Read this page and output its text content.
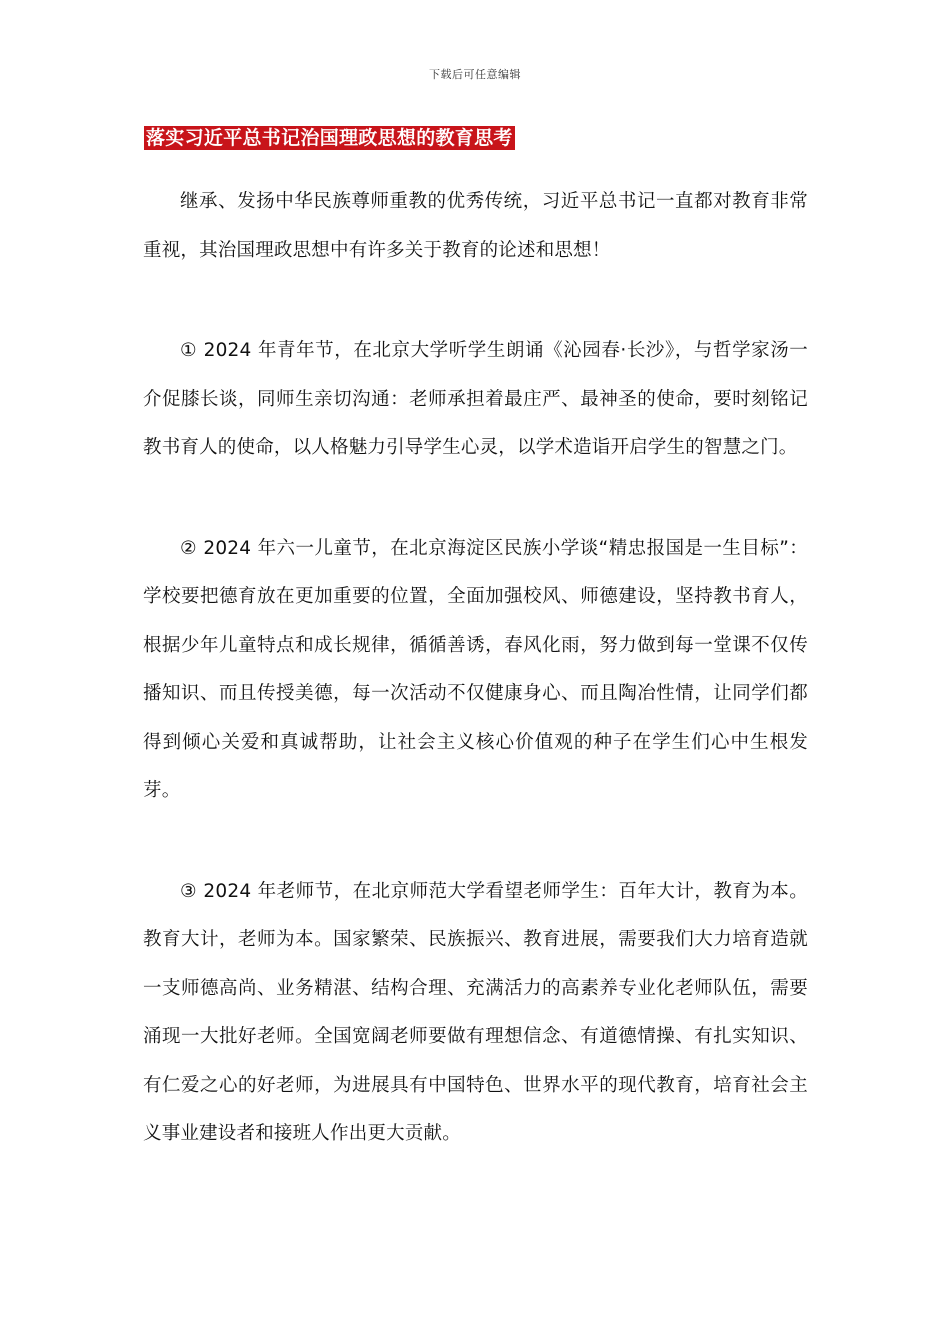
下载后可任意编辑
落实习近平总书记治国理政思想的教育思考

继承、发扬中华民族尊师重教的优秀传统，习近平总书记一直都对教育非常重视，其治国理政思想中有许多关于教育的论述和思想！

① 2024 年青年节，在北京大学听学生朗诵《沁园春·长沙》，与哲学家汤一介促膝长谈，同师生亲切沟通：老师承担着最庄严、最神圣的使命，要时刻铭记教书育人的使命，以人格魅力引导学生心灵，以学术造诣开启学生的智慧之门。

② 2024 年六一儿童节，在北京海淀区民族小学谈“精忠报国是一生目标”：学校要把德育放在更加重要的位置，全面加强校风、师德建设，坚持教书育人，根据少年儿童特点和成长规律，循循善诱，春风化雨，努力做到每一堂课不仅传播知识、而且传授美德，每一次活动不仅健康身心、而且陶冶性情，让同学们都得到倾心关爱和真诚帮助，让社会主义核心价值观的种子在学生们心中生根发芽。

③ 2024 年老师节，在北京师范大学看望老师学生：百年大计，教育为本。教育大计，老师为本。国家繁荣、民族振兴、教育进展，需要我们大力培育造就一支师德高尚、业务精湛、结构合理、充满活力的高素养专业化老师队伍，需要涌现一大批好老师。全国宽阔老师要做有理想信念、有道德情操、有扎实知识、有仁爱之心的好老师，为进展具有中国特色、世界水平的现代教育，培育社会主义事业建设者和接班人作出更大贡献。
